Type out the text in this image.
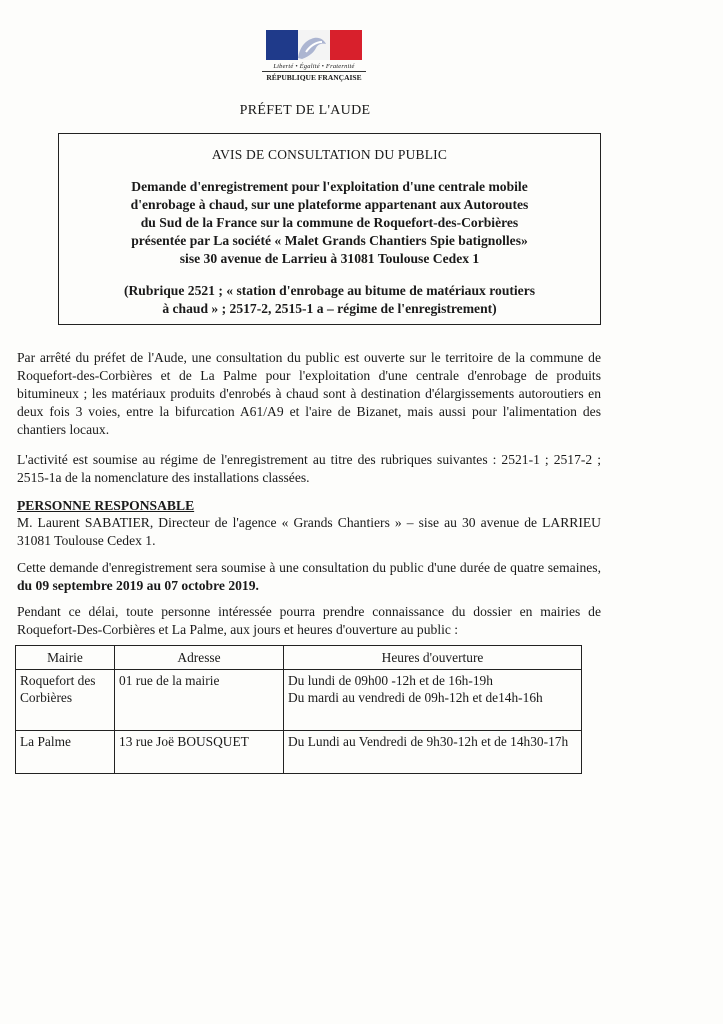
Liberté • Égalité • Fraternité
RÉPUBLIQUE FRANÇAISE
PRÉFET DE L'AUDE
AVIS DE CONSULTATION DU PUBLIC
Demande d'enregistrement pour l'exploitation d'une centrale mobile
d'enrobage à chaud, sur une plateforme appartenant aux Autoroutes
du Sud de la France sur la commune de Roquefort-des-Corbières
présentée par La société « Malet Grands Chantiers Spie batignolles»
sise 30 avenue de Larrieu à 31081 Toulouse Cedex 1
(Rubrique 2521 ; « station d'enrobage au bitume de matériaux routiers
à chaud » ; 2517-2, 2515-1 a – régime de l'enregistrement)
Par arrêté du préfet de l'Aude, une consultation du public est ouverte sur le territoire de la commune de Roquefort-des-Corbières et de La Palme pour l'exploitation d'une centrale d'enrobage de produits bitumineux ; les matériaux produits d'enrobés à chaud sont à destination d'élargissements autoroutiers en deux fois 3 voies, entre la bifurcation A61/A9 et l'aire de Bizanet, mais aussi pour l'alimentation des chantiers locaux.
L'activité est soumise au régime de l'enregistrement au titre des rubriques suivantes : 2521-1 ; 2517-2 ; 2515-1a de la nomenclature des installations classées.
PERSONNE RESPONSABLE
M. Laurent SABATIER, Directeur de l'agence « Grands Chantiers » – sise au 30 avenue de LARRIEU 31081 Toulouse Cedex 1.
Cette demande d'enregistrement sera soumise à une consultation du public d'une durée de quatre semaines, du 09 septembre 2019 au 07 octobre 2019.
Pendant ce délai, toute personne intéressée pourra prendre connaissance du dossier en mairies de Roquefort-Des-Corbières et La Palme, aux jours et heures d'ouverture au public :
Mairie	Adresse	Heures d'ouverture
Roquefort des Corbières	01 rue de la mairie	Du lundi de 09h00 -12h et de 16h-19h
Du mardi au vendredi de 09h-12h et de14h-16h

La Palme	13 rue Joë BOUSQUET	Du Lundi au Vendredi de 9h30-12h et de 14h30-17h
